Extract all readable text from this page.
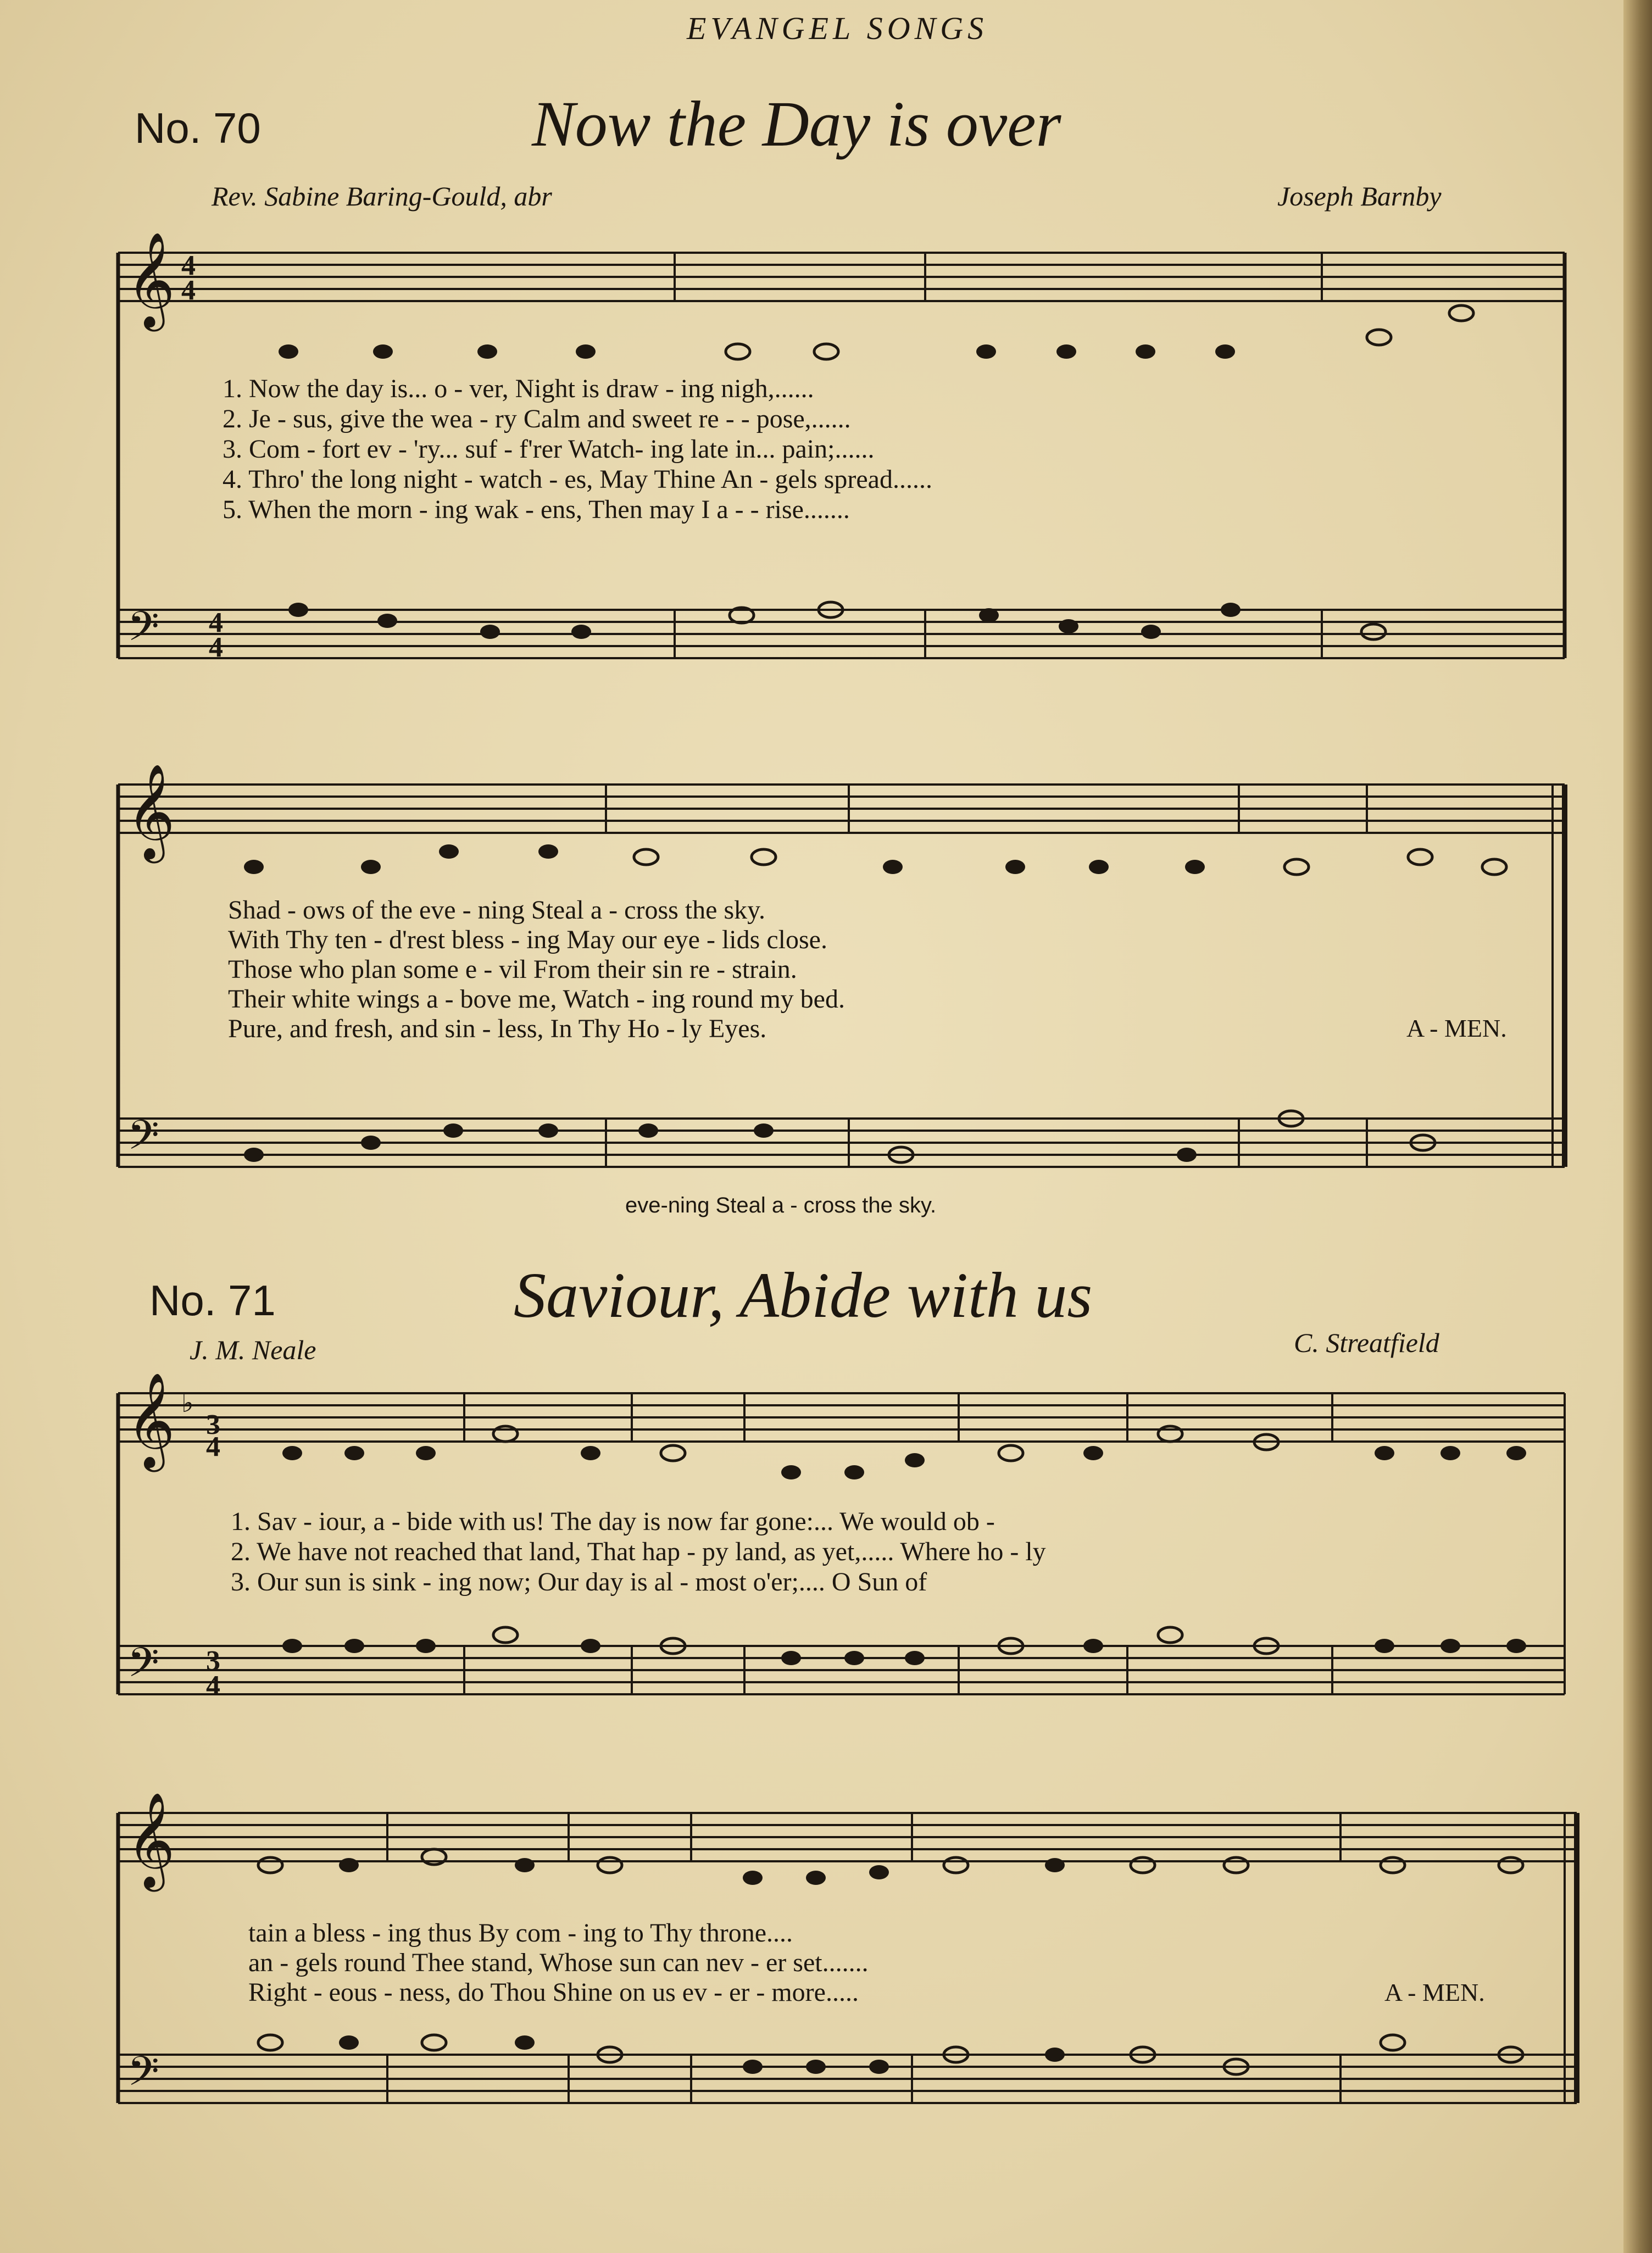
EVANGEL SONGS
No. 70	Now the Day is over
Rev. Sabine Baring-Gould, abr	Joseph Barnby
𝄞 4
4
𝄢 4
4
1. Now the day is... o - ver, Night is draw - ing nigh,......
2. Je - sus, give the wea - ry Calm and sweet re - - pose,......
3. Com - fort ev - 'ry... suf - f'rer Watch- ing late in... pain;......
4. Thro' the long night - watch - es, May Thine An - gels spread......
5. When the morn - ing wak - ens, Then may I a - - rise.......
𝄞
𝄢
Shad - ows of the eve - ning Steal a - cross the sky.
With Thy ten - d'rest bless - ing May our eye - lids close.
Those who plan some e - vil From their sin re - strain.
Their white wings a - bove me, Watch - ing round my bed.
Pure, and fresh, and sin - less, In Thy Ho - ly Eyes.	A - MEN.
eve-ning Steal a - cross the sky.
No. 71	Saviour, Abide with us
J. M. Neale	C. Streatfield
𝄞 ♭
3
4
𝄢 3
4
1. Sav - iour, a - bide with us! The day is now far gone:... We would ob -
2. We have not reached that land, That hap - py land, as yet,..... Where ho - ly
3. Our sun is sink - ing now; Our day is al - most o'er;.... O Sun of
𝄞
𝄢
tain a bless - ing thus By com - ing to Thy throne....
an - gels round Thee stand, Whose sun can nev - er set.......
Right - eous - ness, do Thou Shine on us ev - er - more.....	A - MEN.
